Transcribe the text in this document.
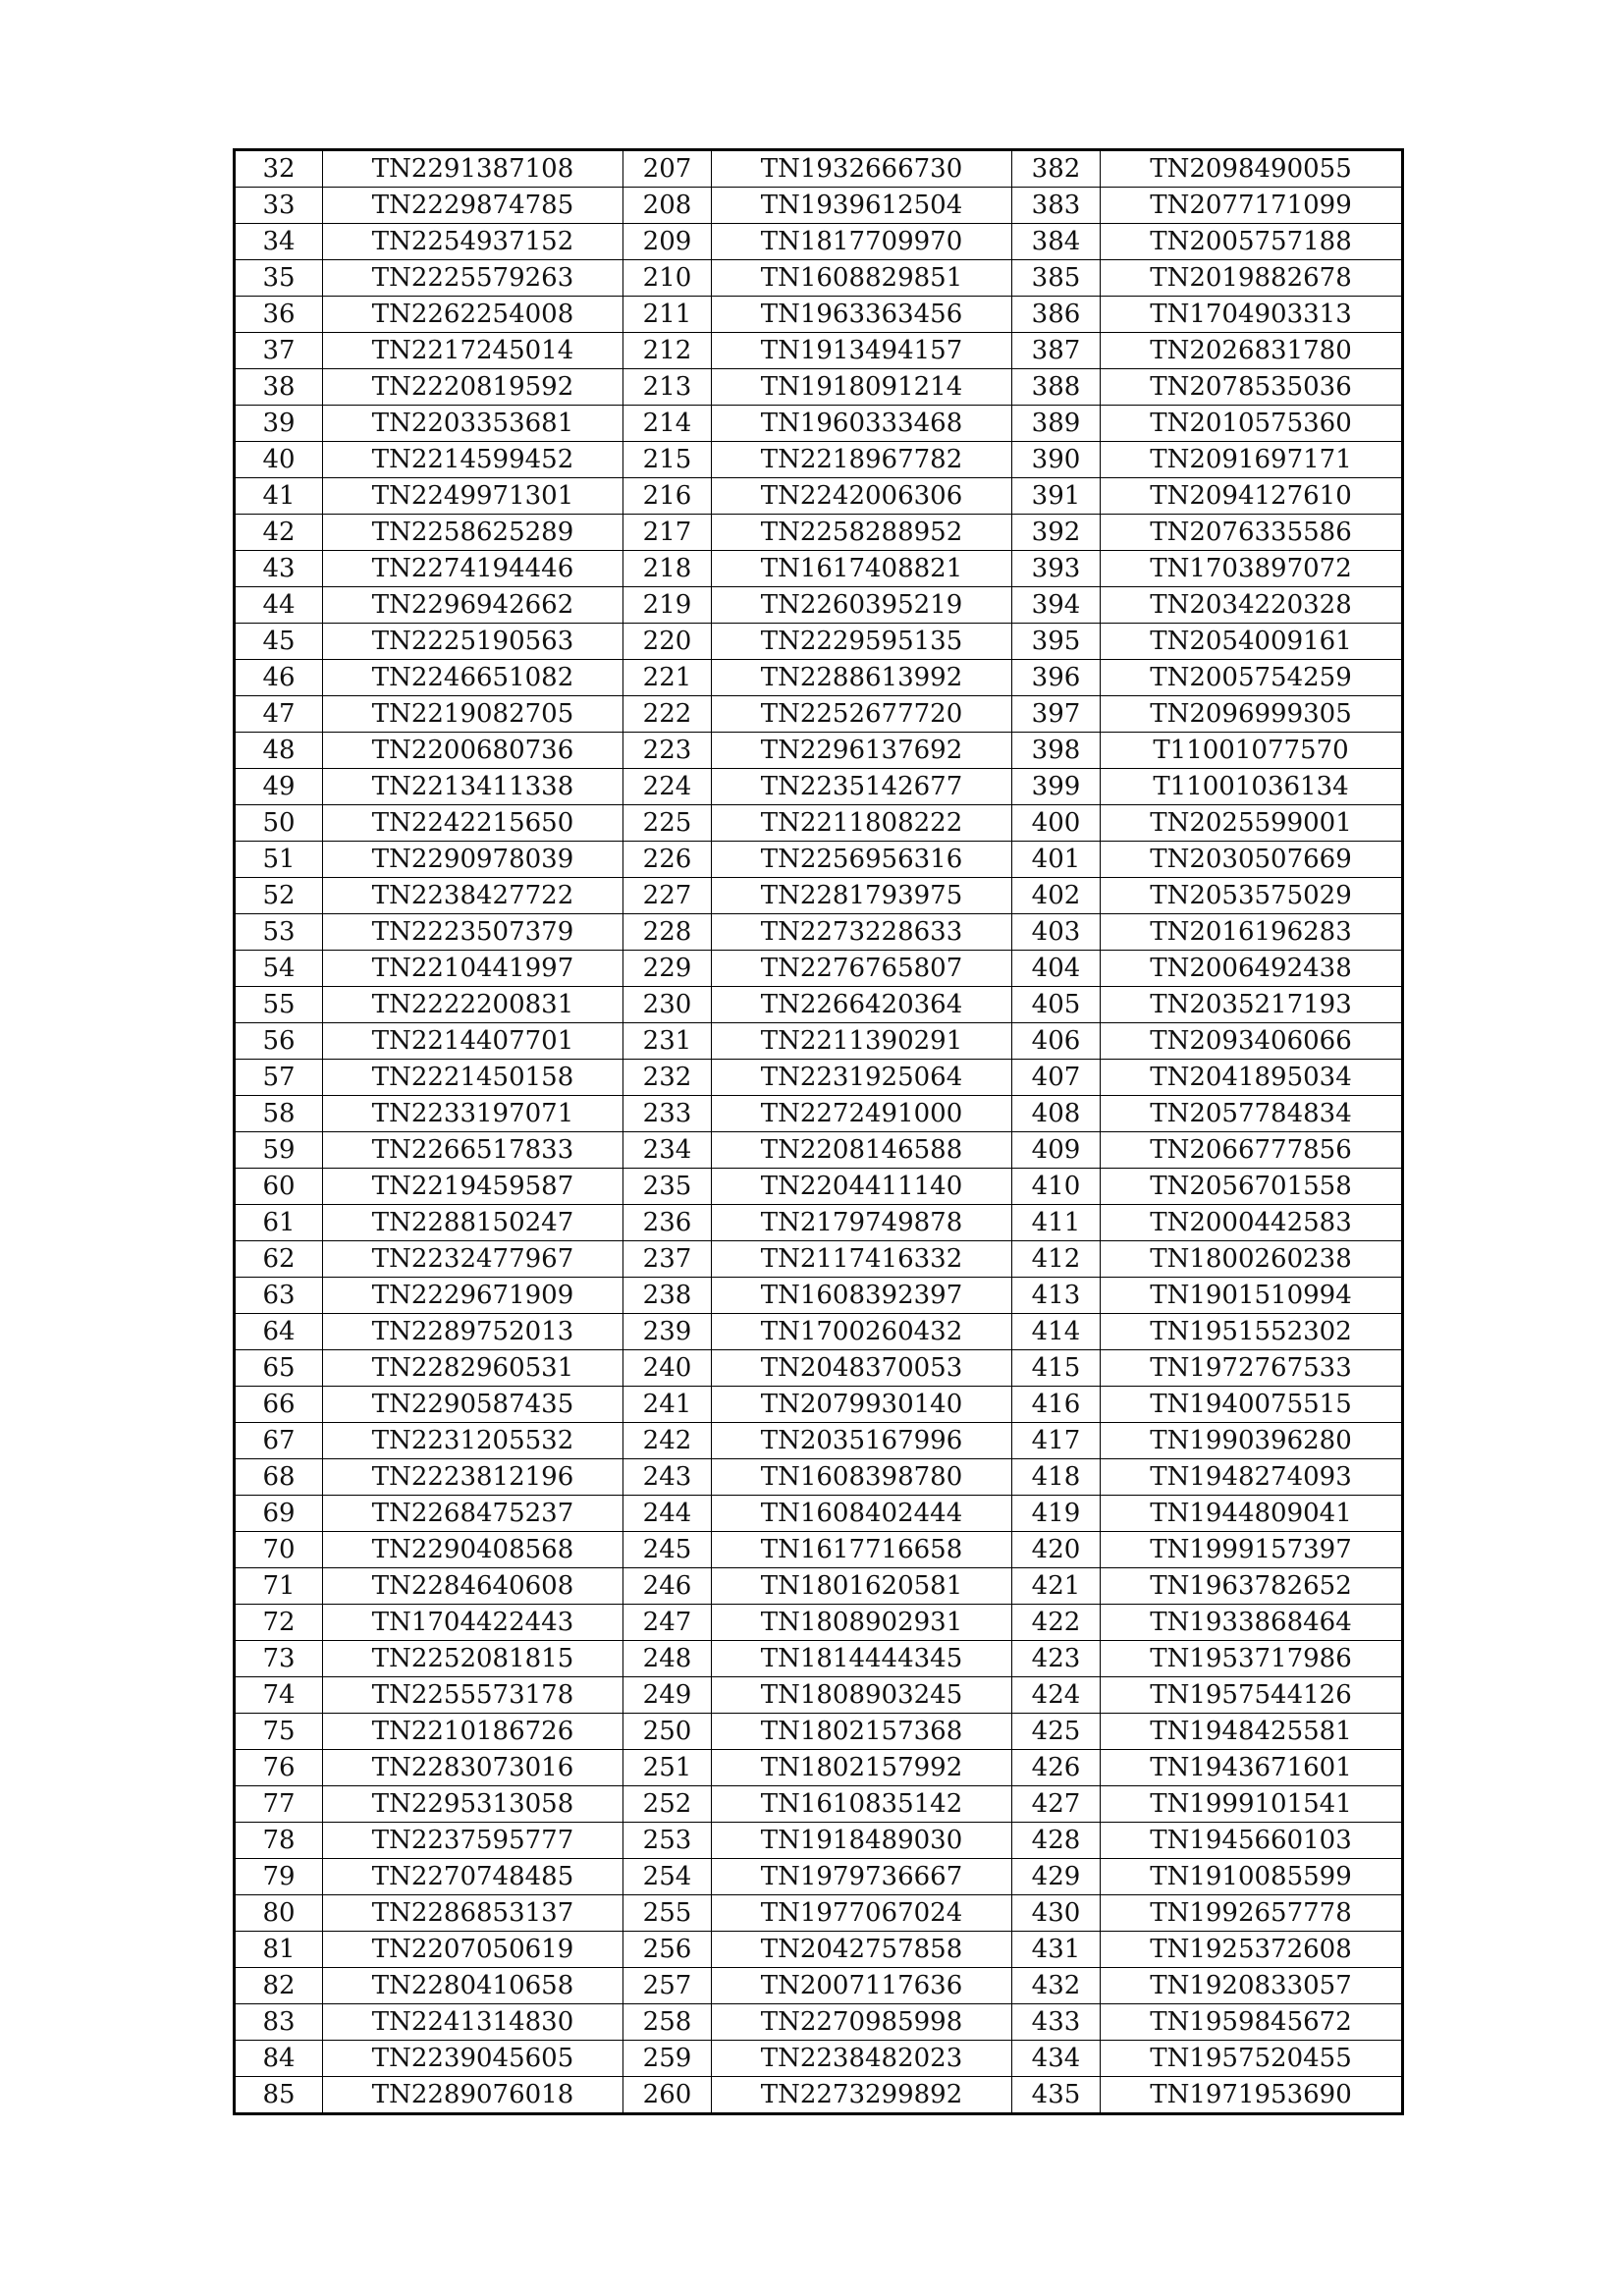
32	TN2291387108	207	TN1932666730	382	TN2098490055
33	TN2229874785	208	TN1939612504	383	TN2077171099
34	TN2254937152	209	TN1817709970	384	TN2005757188
35	TN2225579263	210	TN1608829851	385	TN2019882678
36	TN2262254008	211	TN1963363456	386	TN1704903313
37	TN2217245014	212	TN1913494157	387	TN2026831780
38	TN2220819592	213	TN1918091214	388	TN2078535036
39	TN2203353681	214	TN1960333468	389	TN2010575360
40	TN2214599452	215	TN2218967782	390	TN2091697171
41	TN2249971301	216	TN2242006306	391	TN2094127610
42	TN2258625289	217	TN2258288952	392	TN2076335586
43	TN2274194446	218	TN1617408821	393	TN1703897072
44	TN2296942662	219	TN2260395219	394	TN2034220328
45	TN2225190563	220	TN2229595135	395	TN2054009161
46	TN2246651082	221	TN2288613992	396	TN2005754259
47	TN2219082705	222	TN2252677720	397	TN2096999305
48	TN2200680736	223	TN2296137692	398	T11001077570
49	TN2213411338	224	TN2235142677	399	T11001036134
50	TN2242215650	225	TN2211808222	400	TN2025599001
51	TN2290978039	226	TN2256956316	401	TN2030507669
52	TN2238427722	227	TN2281793975	402	TN2053575029
53	TN2223507379	228	TN2273228633	403	TN2016196283
54	TN2210441997	229	TN2276765807	404	TN2006492438
55	TN2222200831	230	TN2266420364	405	TN2035217193
56	TN2214407701	231	TN2211390291	406	TN2093406066
57	TN2221450158	232	TN2231925064	407	TN2041895034
58	TN2233197071	233	TN2272491000	408	TN2057784834
59	TN2266517833	234	TN2208146588	409	TN2066777856
60	TN2219459587	235	TN2204411140	410	TN2056701558
61	TN2288150247	236	TN2179749878	411	TN2000442583
62	TN2232477967	237	TN2117416332	412	TN1800260238
63	TN2229671909	238	TN1608392397	413	TN1901510994
64	TN2289752013	239	TN1700260432	414	TN1951552302
65	TN2282960531	240	TN2048370053	415	TN1972767533
66	TN2290587435	241	TN2079930140	416	TN1940075515
67	TN2231205532	242	TN2035167996	417	TN1990396280
68	TN2223812196	243	TN1608398780	418	TN1948274093
69	TN2268475237	244	TN1608402444	419	TN1944809041
70	TN2290408568	245	TN1617716658	420	TN1999157397
71	TN2284640608	246	TN1801620581	421	TN1963782652
72	TN1704422443	247	TN1808902931	422	TN1933868464
73	TN2252081815	248	TN1814444345	423	TN1953717986
74	TN2255573178	249	TN1808903245	424	TN1957544126
75	TN2210186726	250	TN1802157368	425	TN1948425581
76	TN2283073016	251	TN1802157992	426	TN1943671601
77	TN2295313058	252	TN1610835142	427	TN1999101541
78	TN2237595777	253	TN1918489030	428	TN1945660103
79	TN2270748485	254	TN1979736667	429	TN1910085599
80	TN2286853137	255	TN1977067024	430	TN1992657778
81	TN2207050619	256	TN2042757858	431	TN1925372608
82	TN2280410658	257	TN2007117636	432	TN1920833057
83	TN2241314830	258	TN2270985998	433	TN1959845672
84	TN2239045605	259	TN2238482023	434	TN1957520455
85	TN2289076018	260	TN2273299892	435	TN1971953690
